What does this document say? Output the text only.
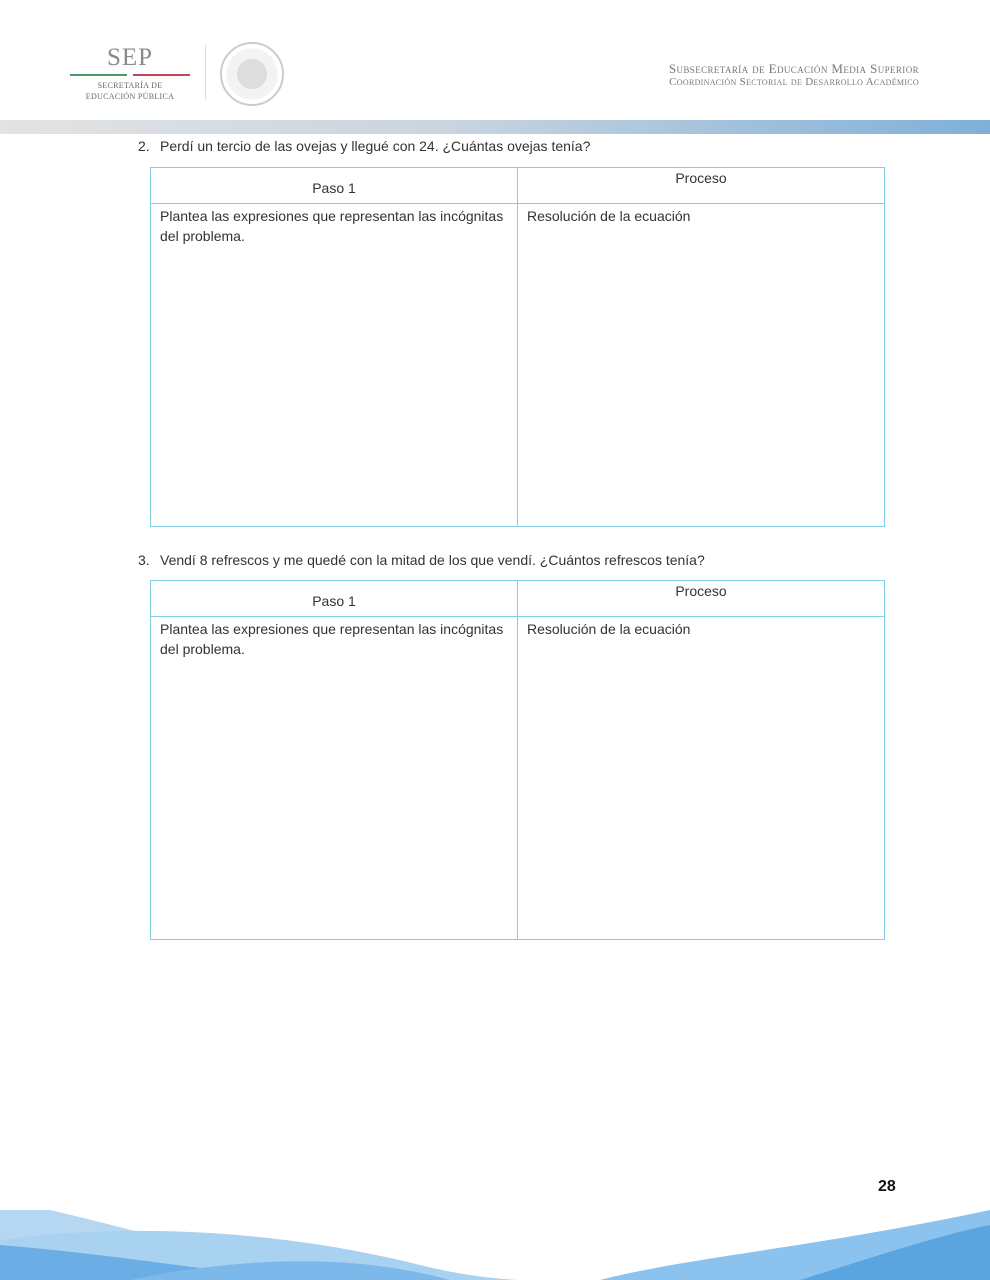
SEP
SECRETARÍA DE
EDUCACIÓN PÚBLICA
Subsecretaría de Educación Media Superior
Coordinación Sectorial de Desarrollo Académico
2. Perdí un tercio de las ovejas y llegué con 24. ¿Cuántas ovejas tenía?
Paso 1	Proceso
Plantea las expresiones que representan las incógnitas del problema.	Resolución de la ecuación
3. Vendí 8 refrescos y me quedé con la mitad de los que vendí. ¿Cuántos refrescos tenía?
Paso 1	Proceso
Plantea las expresiones que representan las incógnitas del problema.	Resolución de la ecuación
28
